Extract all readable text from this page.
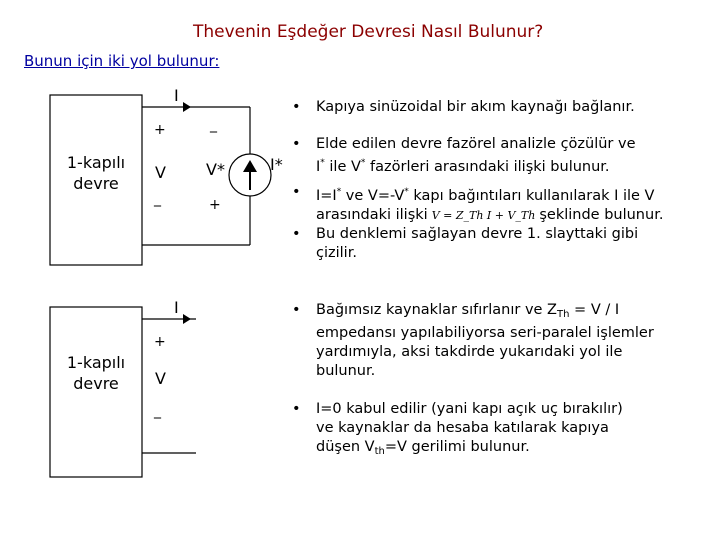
Thevenin Eşdeğer Devresi Nasıl Bulunur?
Bunun için iki yol bulunur:
1-kapılı
devre
I
+
V
_
_
V*
+
I*
1-kapılı
devre
I
+
V
_
• Kapıya sinüzoidal bir akım kaynağı bağlanır.
• Elde edilen devre fazörel analizle çözülür ve
I* ile V* fazörleri arasındaki ilişki bulunur.
• I=I* ve V=-V* kapı bağıntıları kullanılarak I ile V
arasındaki ilişki V = Z_Th I + V_Th şeklinde bulunur.
• Bu denklemi sağlayan devre 1. slayttaki gibi
çizilir.
• Bağımsız kaynaklar sıfırlanır ve $Z_{Th} = V / I$
empedansı yapılabiliyorsa seri-paralel işlemler
yardımıyla, aksi takdirde yukarıdaki yol ile
bulunur.
• I=0 kabul edilir (yani kapı açık uç bırakılır)
ve kaynaklar da hesaba katılarak kapıya
düşen $V_{th}=V$ gerilimi bulunur.
